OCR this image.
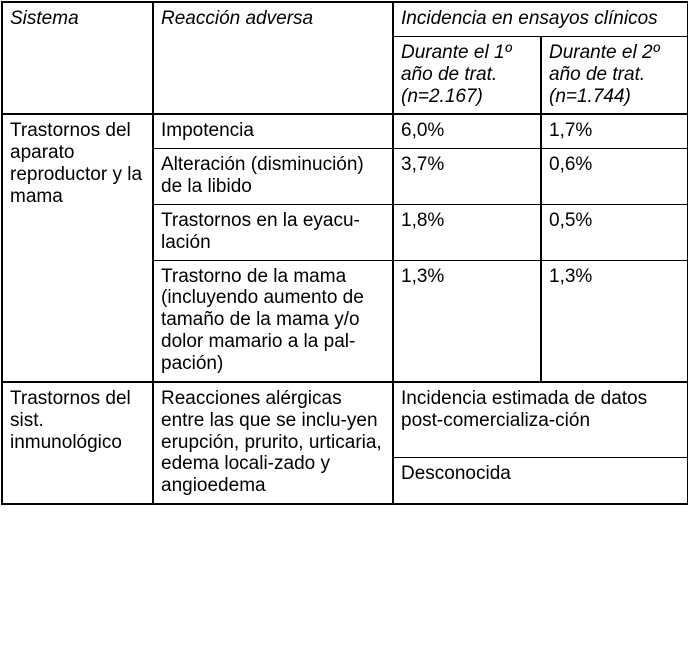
Sistema	Reacción adversa	Incidencia en ensayos clínicos	
		Durante el 1º año de trat. (n=2.167)	Durante el 2º año de trat. (n=1.744)
Trastornos del aparato reproductor y la mama	Impotencia	6,0%	1,7%
	Alteración (disminución) de la libido	3,7%	0,6%
	Trastornos en la eyacu-lación	1,8%	0,5%
	Trastorno de la mama (incluyendo aumento de tamaño de la mama y/o dolor mamario a la pal-pación)	1,3%	1,3%
Trastornos del sist. inmunológico	Reacciones alérgicas entre las que se inclu-yen erupción, prurito, urticaria, edema locali-zado y angioedema	Incidencia estimada de datos post-comercializa-ción	
		Desconocida	
